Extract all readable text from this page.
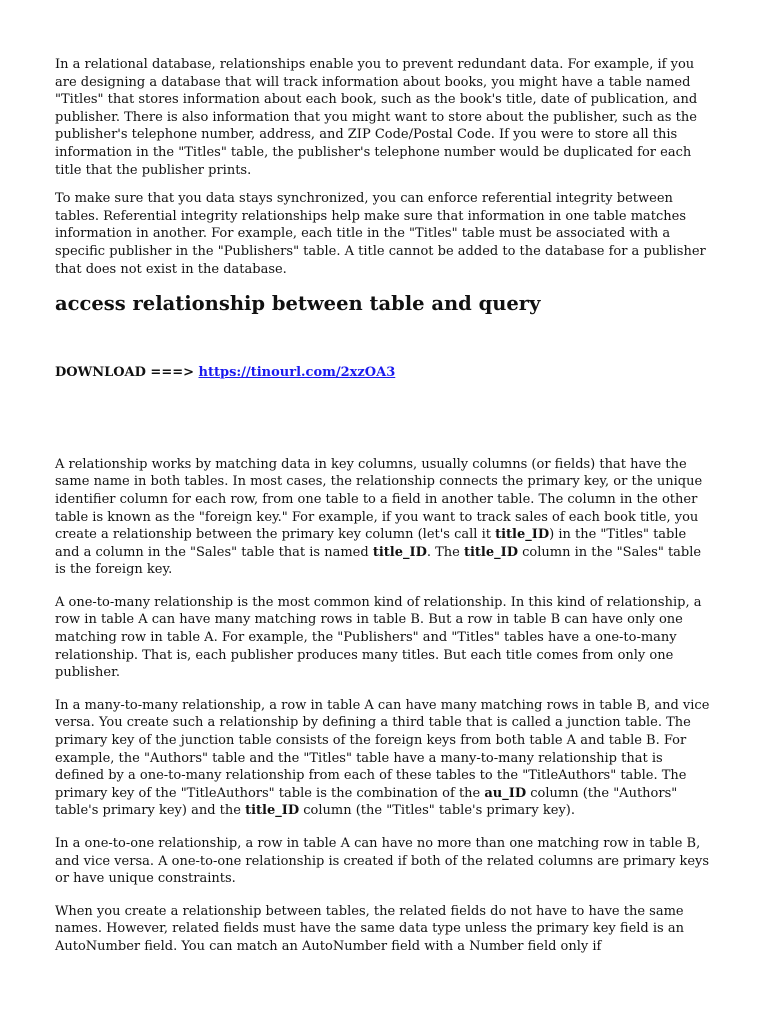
In a relational database, relationships enable you to prevent redundant data. For example, if you are designing a database that will track information about books, you might have a table named "Titles" that stores information about each book, such as the book's title, date of publication, and publisher. There is also information that you might want to store about the publisher, such as the publisher's telephone number, address, and ZIP Code/Postal Code. If you were to store all this information in the "Titles" table, the publisher's telephone number would be duplicated for each title that the publisher prints.

To make sure that you data stays synchronized, you can enforce referential integrity between tables. Referential integrity relationships help make sure that information in one table matches information in another. For example, each title in the "Titles" table must be associated with a specific publisher in the "Publishers" table. A title cannot be added to the database for a publisher that does not exist in the database.

access relationship between table and query
DOWNLOAD ===> https://tinourl.com/2xzOA3

A relationship works by matching data in key columns, usually columns (or fields) that have the same name in both tables. In most cases, the relationship connects the primary key, or the unique identifier column for each row, from one table to a field in another table. The column in the other table is known as the "foreign key." For example, if you want to track sales of each book title, you create a relationship between the primary key column (let's call it title_ID) in the "Titles" table and a column in the "Sales" table that is named title_ID. The title_ID column in the "Sales" table is the foreign key.

A one-to-many relationship is the most common kind of relationship. In this kind of relationship, a row in table A can have many matching rows in table B. But a row in table B can have only one matching row in table A. For example, the "Publishers" and "Titles" tables have a one-to-many relationship. That is, each publisher produces many titles. But each title comes from only one publisher.

In a many-to-many relationship, a row in table A can have many matching rows in table B, and vice versa. You create such a relationship by defining a third table that is called a junction table. The primary key of the junction table consists of the foreign keys from both table A and table B. For example, the "Authors" table and the "Titles" table have a many-to-many relationship that is defined by a one-to-many relationship from each of these tables to the "TitleAuthors" table. The primary key of the "TitleAuthors" table is the combination of the au_ID column (the "Authors" table's primary key) and the title_ID column (the "Titles" table's primary key).

In a one-to-one relationship, a row in table A can have no more than one matching row in table B, and vice versa. A one-to-one relationship is created if both of the related columns are primary keys or have unique constraints.

When you create a relationship between tables, the related fields do not have to have the same names. However, related fields must have the same data type unless the primary key field is an AutoNumber field. You can match an AutoNumber field with a Number field only if
